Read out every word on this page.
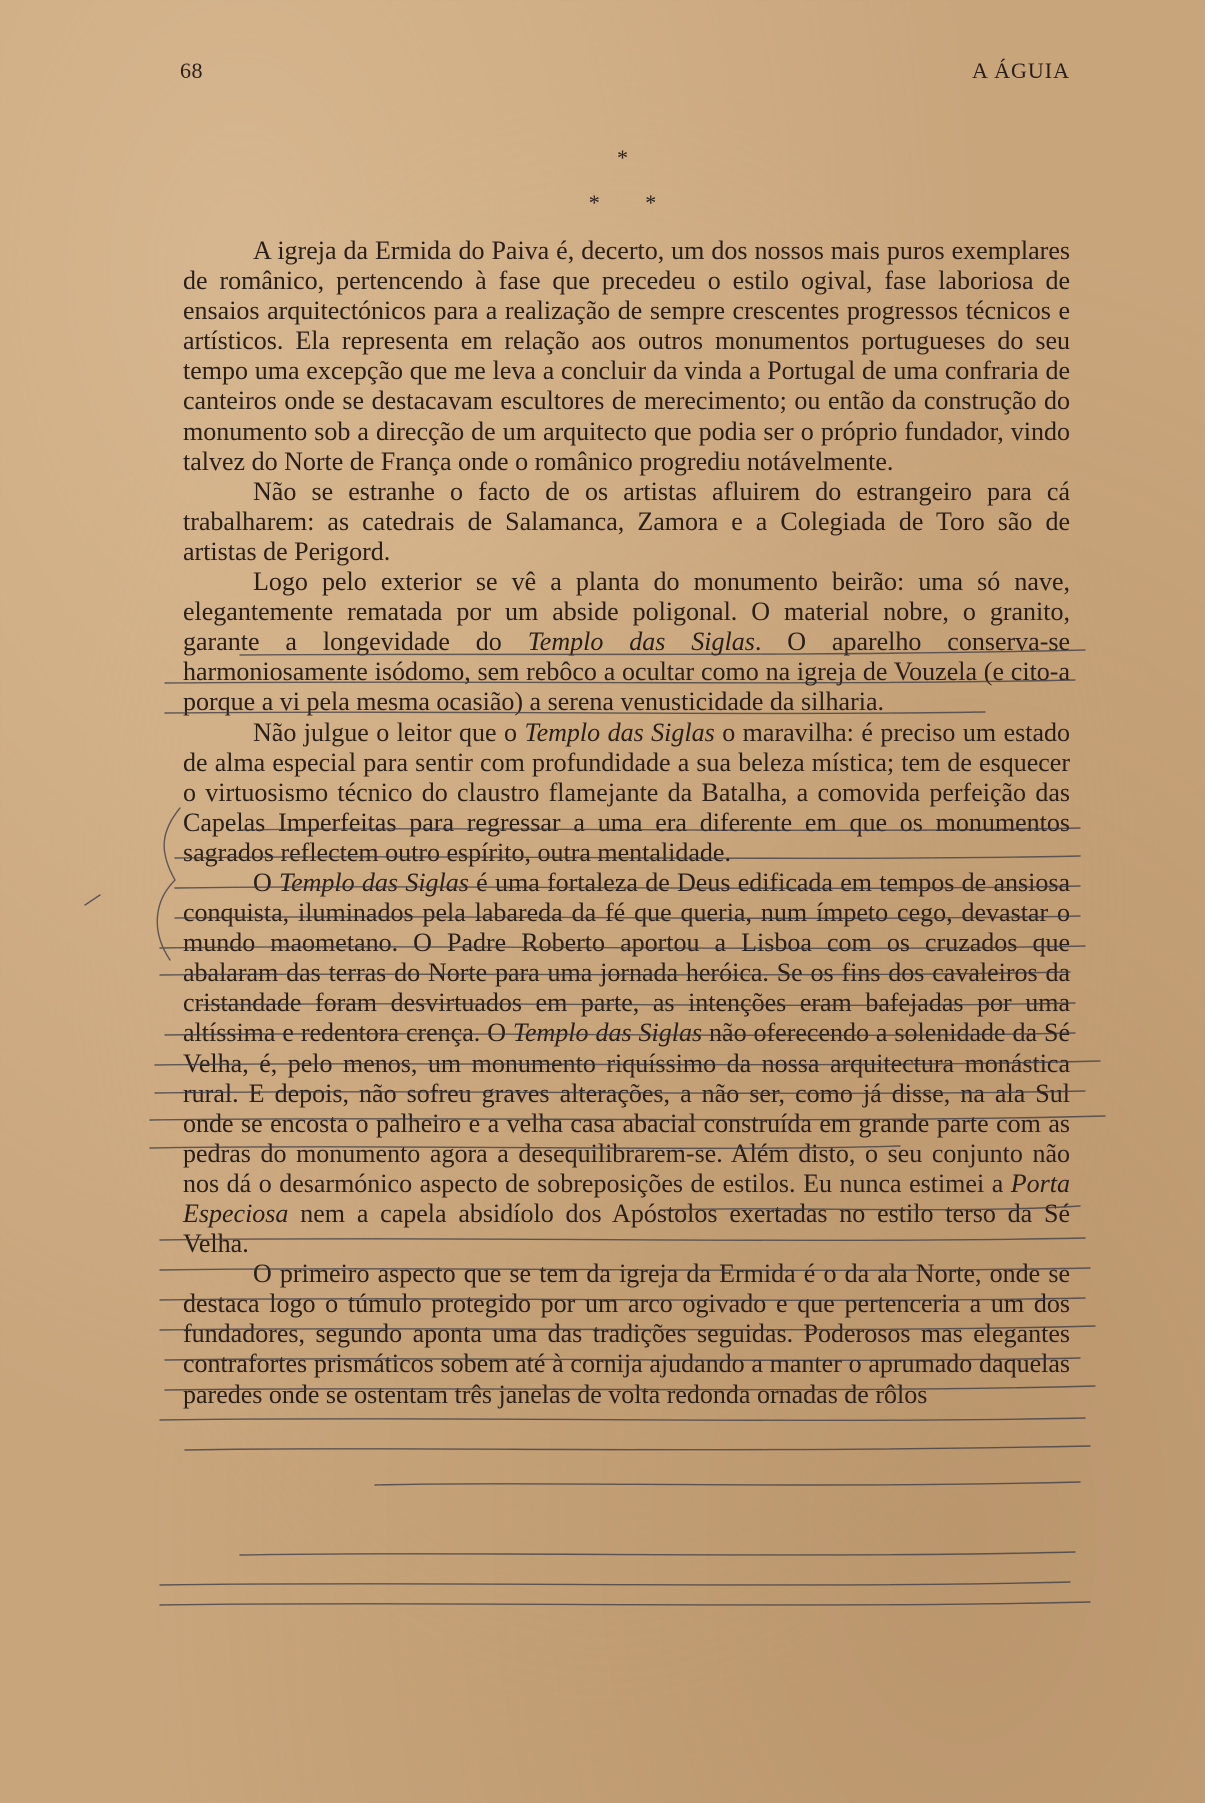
68	A ÁGUIA
*
* *

A igreja da Ermida do Paiva é, decerto, um dos nossos mais puros exemplares de românico, pertencendo à fase que precedeu o estilo ogival, fase laboriosa de ensaios arquitectónicos para a realização de sempre crescentes progressos técnicos e artísticos. Ela representa em relação aos outros monumentos portugueses do seu tempo uma excepção que me leva a concluir da vinda a Portugal de uma confraria de canteiros onde se destacavam escultores de merecimento; ou então da construção do monumento sob a direcção de um arquitecto que podia ser o próprio fundador, vindo talvez do Norte de França onde o românico progrediu notávelmente.

Não se estranhe o facto de os artistas afluirem do estrangeiro para cá trabalharem: as catedrais de Salamanca, Zamora e a Colegiada de Toro são de artistas de Perigord.

Logo pelo exterior se vê a planta do monumento beirão: uma só nave, elegantemente rematada por um abside poligonal. O material nobre, o granito, garante a longevidade do Templo das Siglas. O aparelho conserva-se harmoniosamente isódomo, sem rebôco a ocultar como na igreja de Vouzela (e cito-a porque a vi pela mesma ocasião) a serena venusticidade da silharia.

Não julgue o leitor que o Templo das Siglas o maravilha: é preciso um estado de alma especial para sentir com profundidade a sua beleza mística; tem de esquecer o virtuosismo técnico do claustro flamejante da Batalha, a comovida perfeição das Capelas Imperfeitas para regressar a uma era diferente em que os monumentos sagrados reflectem outro espírito, outra mentalidade.

O Templo das Siglas é uma fortaleza de Deus edificada em tempos de ansiosa conquista, iluminados pela labareda da fé que queria, num ímpeto cego, devastar o mundo maometano. O Padre Roberto aportou a Lisboa com os cruzados que abalaram das terras do Norte para uma jornada heróica. Se os fins dos cavaleiros da cristandade foram desvirtuados em parte, as intenções eram bafejadas por uma altíssima e redentora crença. O Templo das Siglas não oferecendo a solenidade da Sé Velha, é, pelo menos, um monumento riquíssimo da nossa arquitectura monástica rural. E depois, não sofreu graves alterações, a não ser, como já disse, na ala Sul onde se encosta o palheiro e a velha casa abacial construída em grande parte com as pedras do monumento agora a desequilibrarem-se. Além disto, o seu conjunto não nos dá o desarmónico aspecto de sobreposições de estilos. Eu nunca estimei a Porta Especiosa nem a capela absidíolo dos Apóstolos exertadas no estilo terso da Sé Velha.

O primeiro aspecto que se tem da igreja da Ermida é o da ala Norte, onde se destaca logo o túmulo protegido por um arco ogivado e que pertenceria a um dos fundadores, segundo aponta uma das tradições seguidas. Poderosos mas elegantes contrafortes prismáticos sobem até à cornija ajudando a manter o aprumado daquelas paredes onde se ostentam três janelas de volta redonda ornadas de rôlos
